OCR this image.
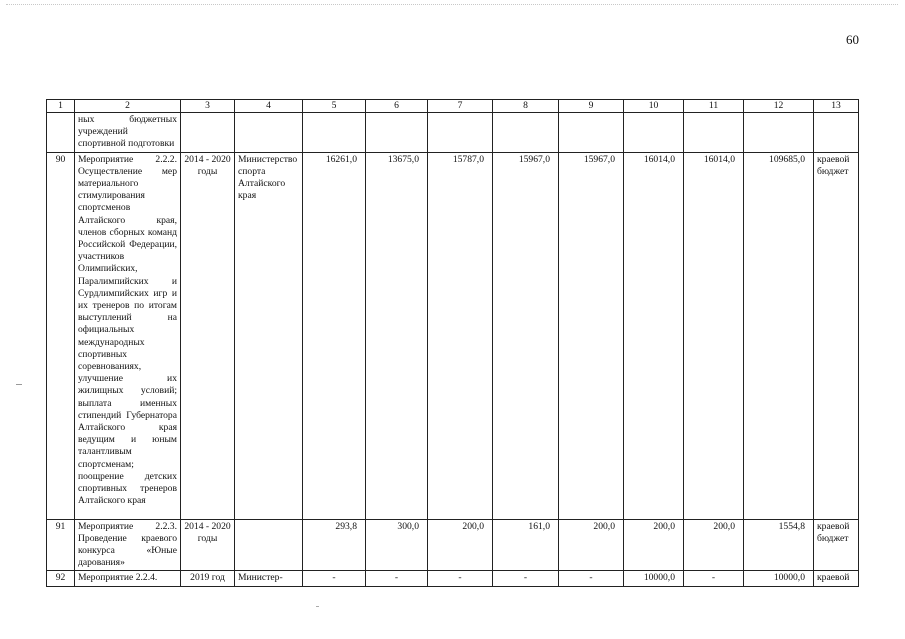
60
1	2	3	4	5	6	7	8	9	10	11	12	13
	ных бюджетных учреждений спортивной подготовки											
90	Мероприятие 2.2.2. Осуществление мер материального стимулирования спортсменов Алтайского края, членов сборных команд Российской Федерации, участников Олимпийских, Паралимпийских и Сурдлимпийских игр и их тренеров по итогам выступлений на официальных международных спортивных соревнованиях, улучшение их жилищных условий; выплата именных стипендий Губернатора Алтайского края ведущим и юным талантливым спортсменам; поощрение детских спортивных тренеров Алтайского края	2014 - 2020 годы	Министерство спорта Алтайского края	16261,0	13675,0	15787,0	15967,0	15967,0	16014,0	16014,0	109685,0	краевой бюджет
91	Мероприятие 2.2.3. Проведение краевого конкурса «Юные дарования»	2014 - 2020 годы		293,8	300,0	200,0	161,0	200,0	200,0	200,0	1554,8	краевой бюджет
92	Мероприятие 2.2.4.	2019 год	Министер-	-	-	-	-	-	10000,0	-	10000,0	краевой
